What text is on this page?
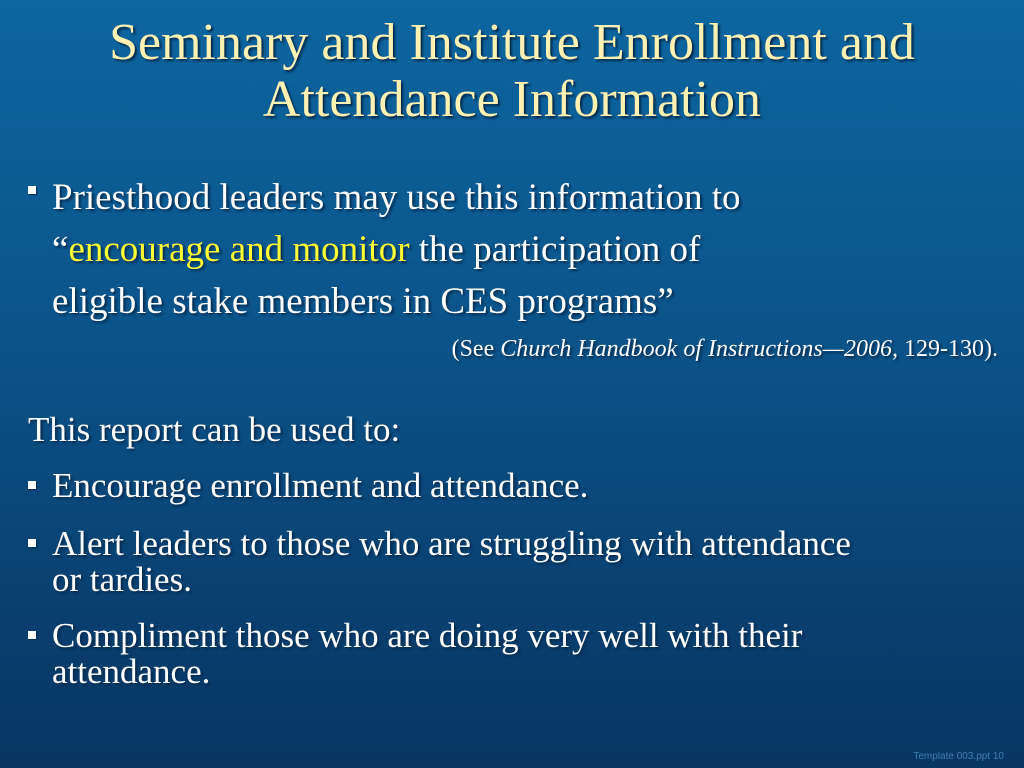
Seminary and Institute Enrollment and
Attendance Information
Priesthood leaders may use this information to
“encourage and monitor the participation of
eligible stake members in CES programs”
(See Church Handbook of Instructions—2006, 129-130).
This report can be used to:
Encourage enrollment and attendance.
Alert leaders to those who are struggling with attendance
or tardies.
Compliment those who are doing very well with their
attendance.
Template 003.ppt 10
